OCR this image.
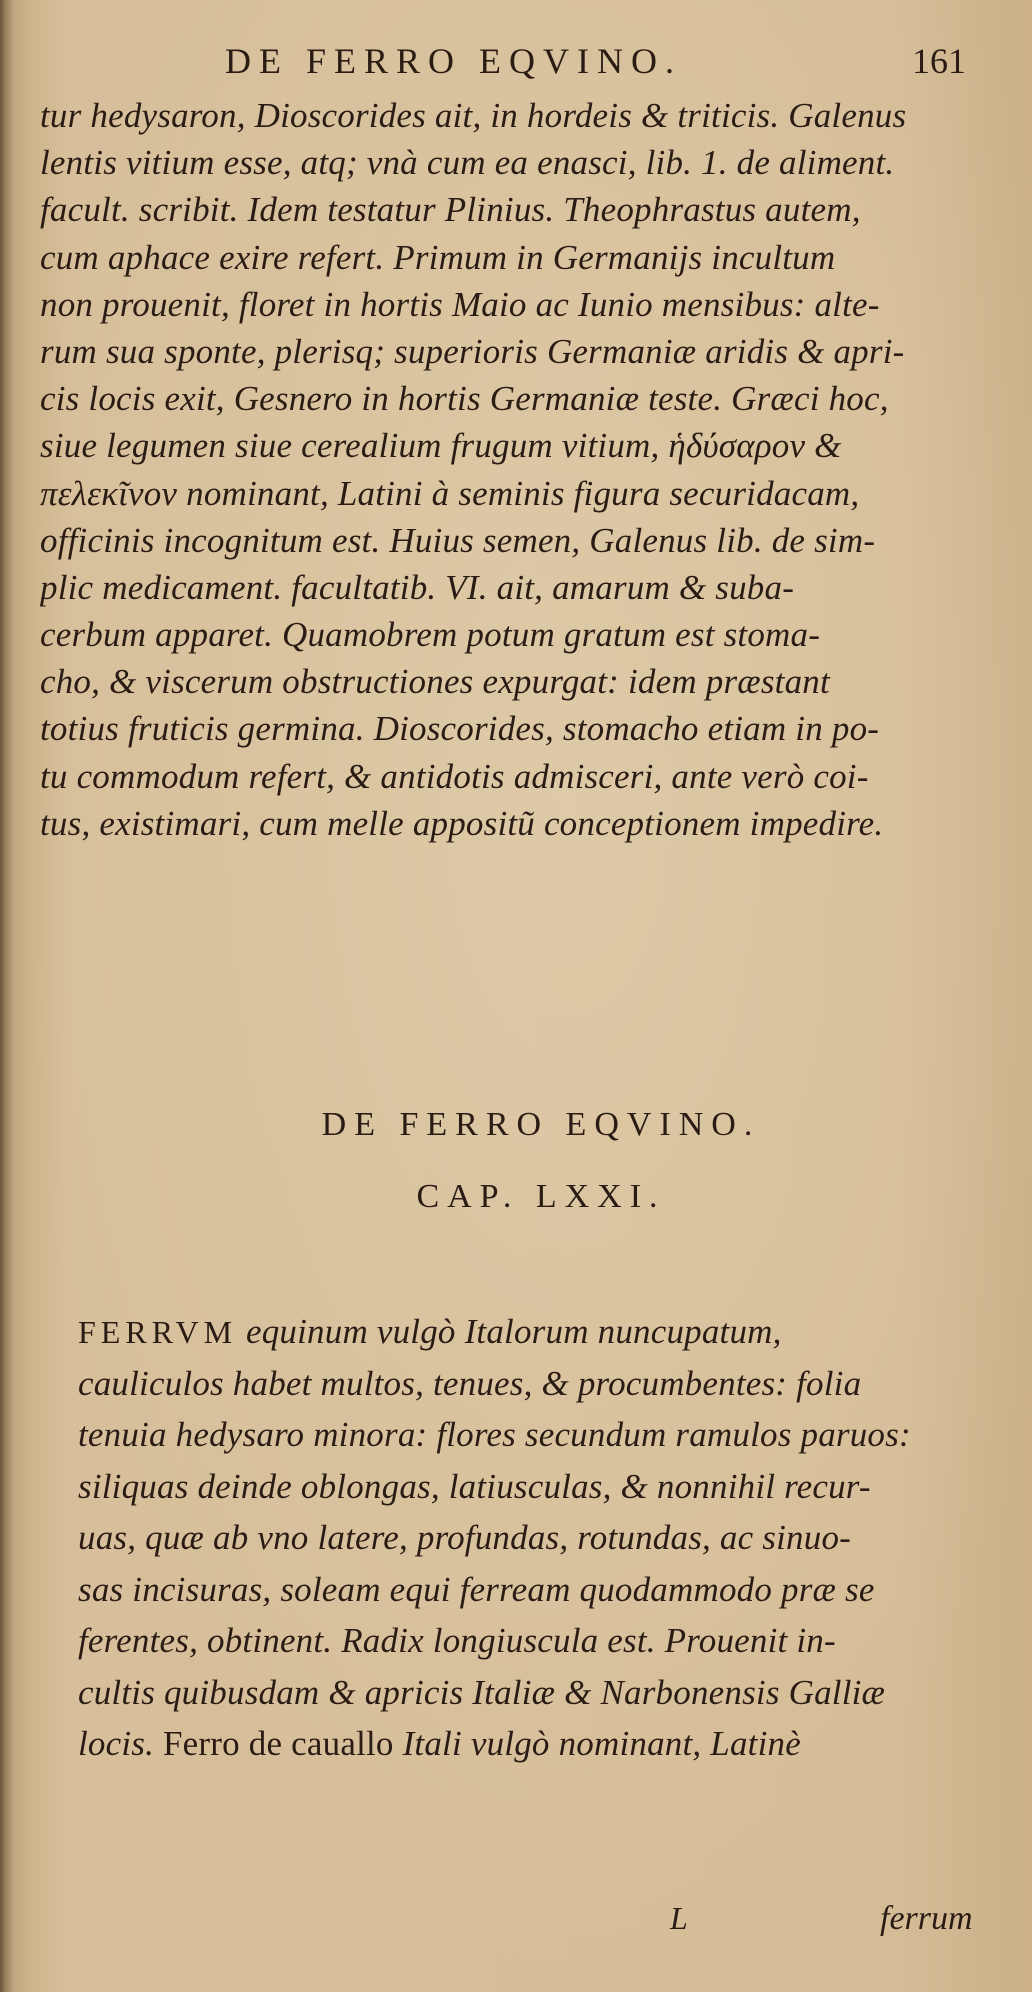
DE FERRO EQVINO.	161
tur hedysaron, Dioscorides ait, in hordeis & triticis. Galenus
lentis vitium esse, atq; vnà cum ea enasci, lib. 1. de aliment.
facult. scribit. Idem testatur Plinius. Theophrastus autem,
cum aphace exire refert. Primum in Germanijs incultum
non prouenit, floret in hortis Maio ac Iunio mensibus: alte-
rum sua sponte, plerisq; superioris Germaniæ aridis & apri-
cis locis exit, Gesnero in hortis Germaniæ teste. Græci hoc,
siue legumen siue cerealium frugum vitium, ἡδύσαρον &
πελεκῖνον nominant, Latini à seminis figura securidacam,
officinis incognitum est. Huius semen, Galenus lib. de sim-
plic medicament. facultatib. VI. ait, amarum & suba-
cerbum apparet. Quamobrem potum gratum est stoma-
cho, & viscerum obstructiones expurgat: idem præstant
totius fruticis germina. Dioscorides, stomacho etiam in po-
tu commodum refert, & antidotis admisceri, ante verò coi-
tus, existimari, cum melle appositũ conceptionem impedire.
DE FERRO EQVINO.
CAP. LXXI.
FERRVM equinum vulgò Italorum nuncupatum,
cauliculos habet multos, tenues, & procumbentes: folia
tenuia hedysaro minora: flores secundum ramulos paruos:
siliquas deinde oblongas, latiusculas, & nonnihil recur-
uas, quæ ab vno latere, profundas, rotundas, ac sinuo-
sas incisuras, soleam equi ferream quodammodo præ se
ferentes, obtinent. Radix longiuscula est. Prouenit in-
cultis quibusdam & apricis Italiæ & Narbonensis Galliæ
locis. Ferro de cauallo Itali vulgò nominant, Latinè
L	ferrum
